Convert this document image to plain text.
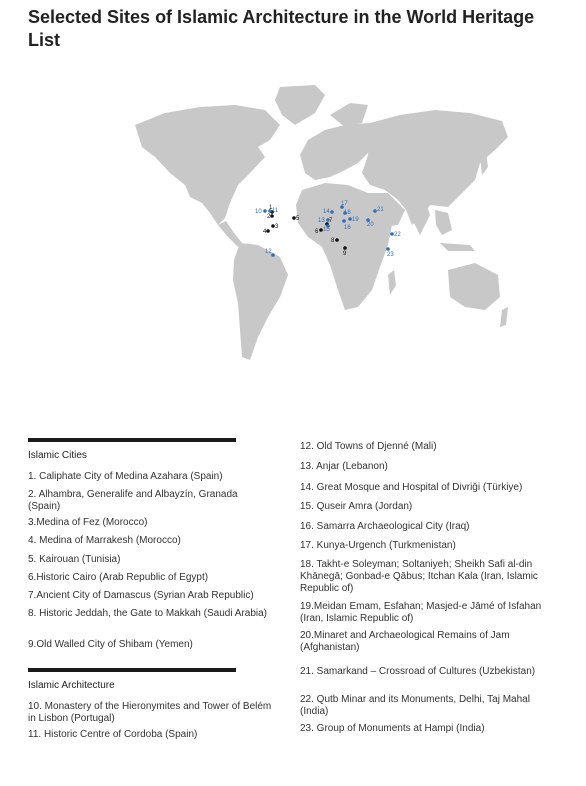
Selected Sites of Islamic Architecture in the World Heritage List
1
2
3
4
5
6
7
8
9
10 11
12
13
14
15 16
17
18
19
20
21
22
23
Islamic Cities
1. Caliphate City of Medina Azahara (Spain)
2. Alhambra, Generalife and Albayzín, Granada (Spain)
3.Medina of Fez (Morocco)
4. Medina of Marrakesh (Morocco)
5. Kairouan (Tunisia)
6.Historic Cairo (Arab Republic of Egypt)
7.Ancient City of Damascus (Syrian Arab Republic)
8. Historic Jeddah, the Gate to Makkah (Saudi Arabia)
9.Old Walled City of Shibam (Yemen)
Islamic Architecture
10. Monastery of the Hieronymites and Tower of Belém in Lisbon (Portugal)
11. Historic Centre of Cordoba (Spain)
12. Old Towns of Djenné (Mali)
13. Anjar (Lebanon)
14. Great Mosque and Hospital of Divriği (Türkiye)
15. Quseir Amra (Jordan)
16. Samarra Archaeological City (Iraq)
17. Kunya-Urgench (Turkmenistan)
18. Takht-e Soleyman; Soltaniyeh; Sheikh Safi al-din Khānegā; Gonbad-e Qābus; Itchan Kala (Iran, Islamic Republic of)
19.Meidan Emam, Esfahan; Masjed-e Jāmé of Isfahan (Iran, Islamic Republic of)
20.Minaret and Archaeological Remains of Jam (Afghanistan)
21. Samarkand – Crossroad of Cultures (Uzbekistan)
22. Qutb Minar and its Monuments, Delhi, Taj Mahal (India)
23. Group of Monuments at Hampi (India)
